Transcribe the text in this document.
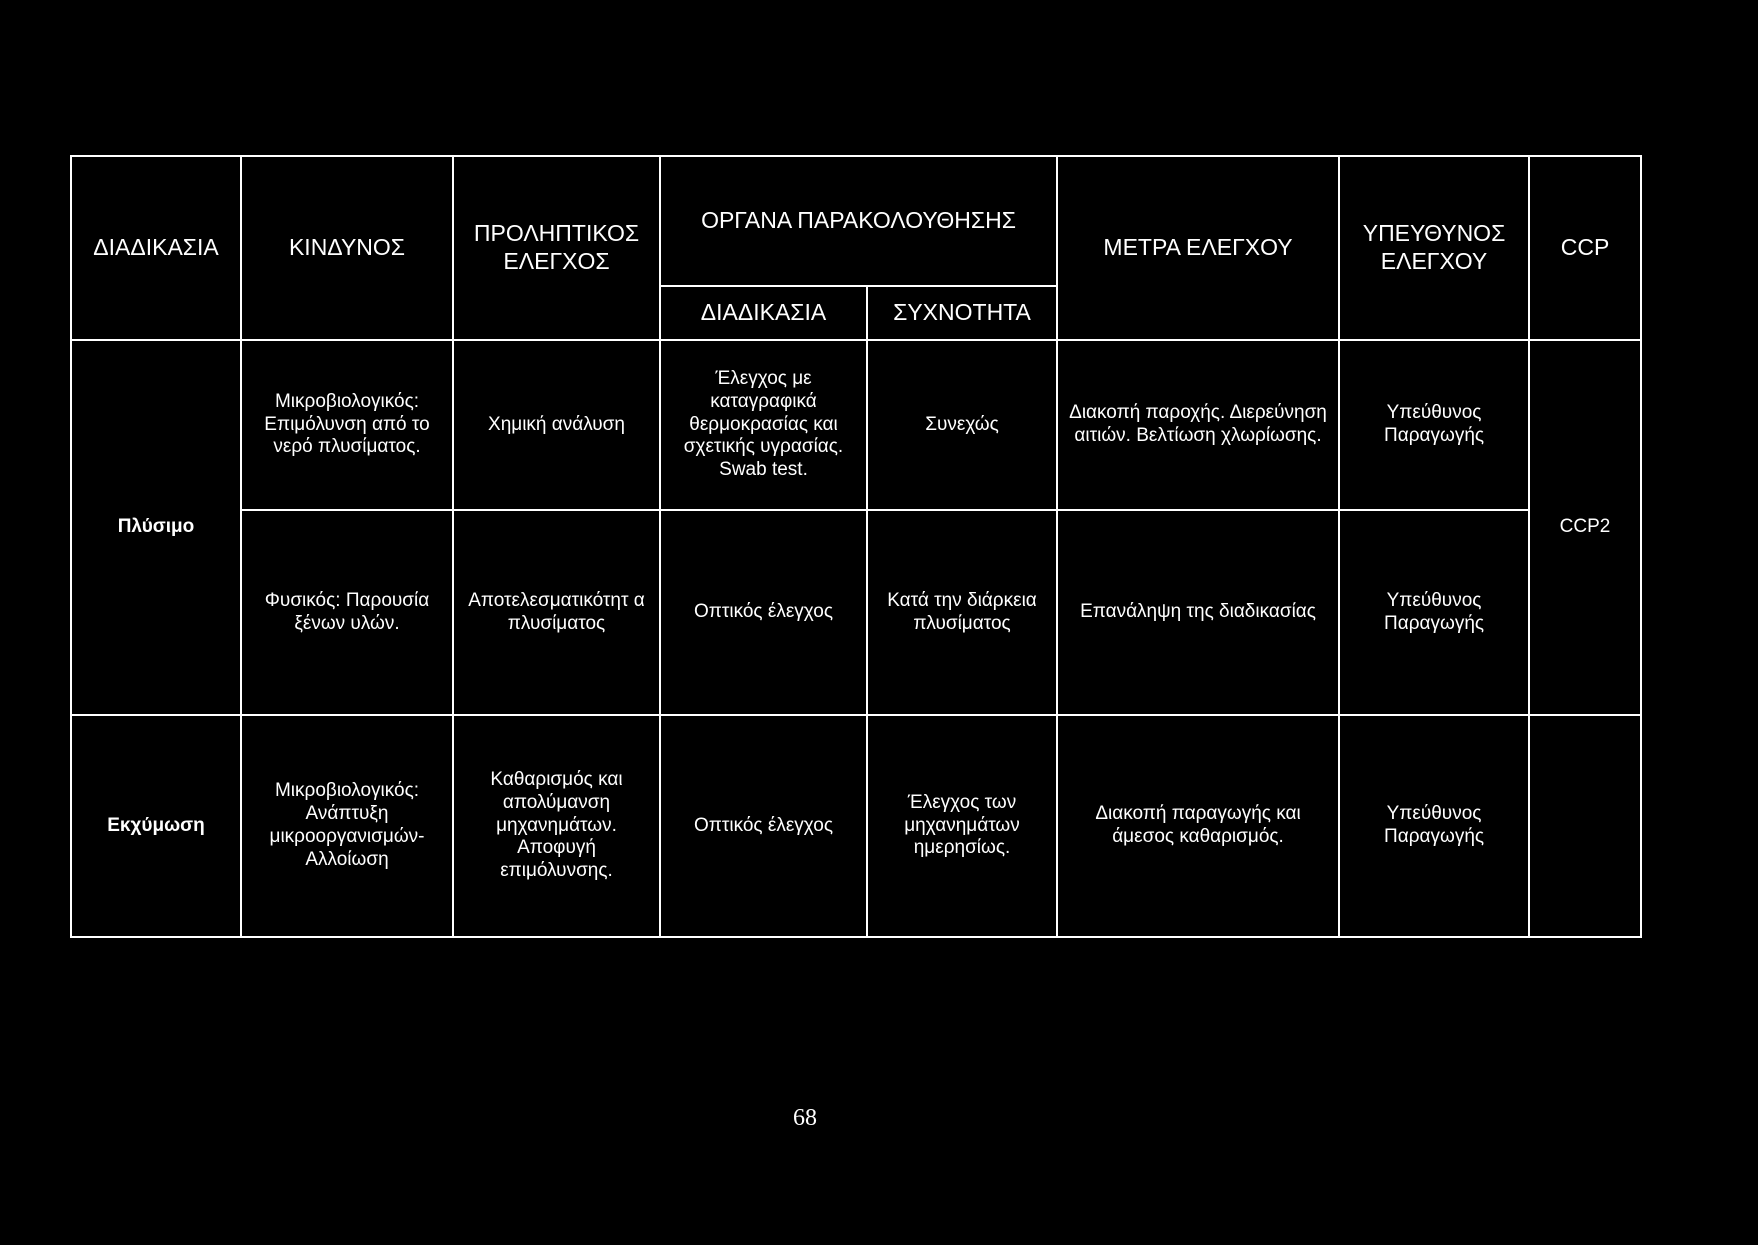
ΔΙΑΔΙΚΑΣΙΑ	ΚΙΝΔΥΝΟΣ	ΠΡΟΛΗΠΤΙΚΟΣ ΕΛΕΓΧΟΣ	ΟΡΓΑΝΑ ΠΑΡΑΚΟΛΟΥΘΗΣΗΣ		ΜΕΤΡΑ ΕΛΕΓΧΟΥ	ΥΠΕΥΘΥΝΟΣ ΕΛΕΓΧΟΥ	CCP
			ΔΙΑΔΙΚΑΣΙΑ	ΣΥΧΝΟΤΗΤΑ			
Πλύσιμο	Μικροβιολογικός: Επιμόλυνση από το νερό πλυσίματος.	Χημική ανάλυση	Έλεγχος με καταγραφικά θερμοκρασίας και σχετικής υγρασίας. Swab test.	Συνεχώς	Διακοπή παροχής. Διερεύνηση αιτιών. Βελτίωση χλωρίωσης.	Υπεύθυνος Παραγωγής	CCP2
	Φυσικός: Παρουσία ξένων υλών.	Αποτελεσματικότητ α πλυσίματος	Οπτικός έλεγχος	Κατά την διάρκεια πλυσίματος	Επανάληψη της διαδικασίας	Υπεύθυνος Παραγωγής	
Εκχύμωση	Μικροβιολογικός: Ανάπτυξη μικροοργανισμών- Αλλοίωση	Καθαρισμός και απολύμανση μηχανημάτων. Αποφυγή επιμόλυνσης.	Οπτικός έλεγχος	Έλεγχος των μηχανημάτων ημερησίως.	Διακοπή παραγωγής και άμεσος καθαρισμός.	Υπεύθυνος Παραγωγής	
68
